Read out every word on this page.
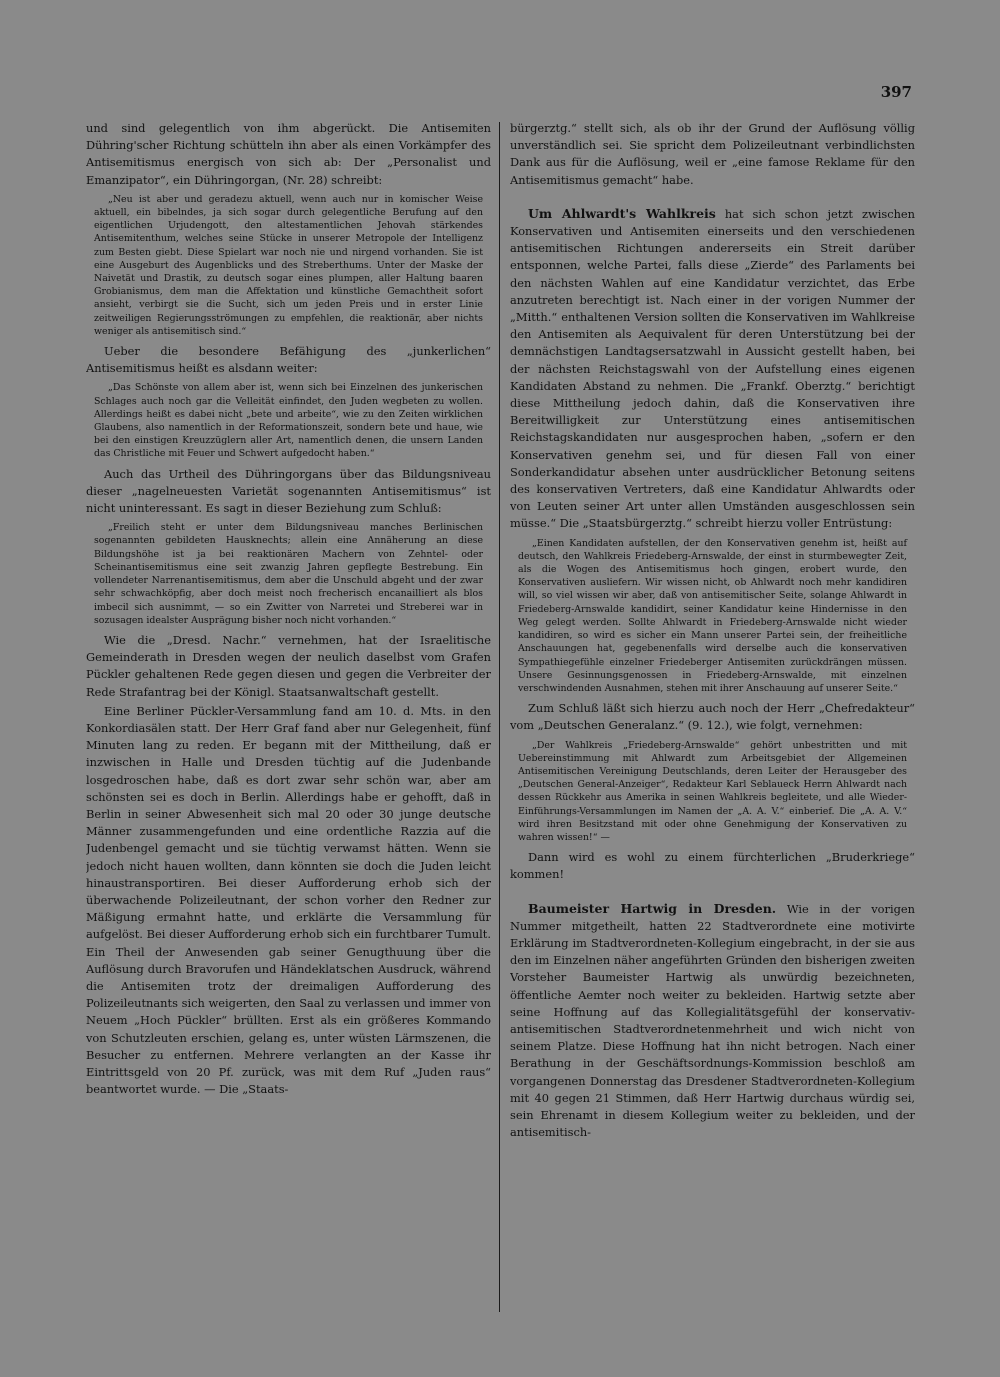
397

und sind gelegentlich von ihm abgerückt. Die Antisemiten Dühring'scher Richtung schütteln ihn aber als einen Vorkämpfer des Antisemitismus energisch von sich ab: Der „Personalist und Emanzipator“, ein Dühringorgan, (Nr. 28) schreibt:

„Neu ist aber und geradezu aktuell, wenn auch nur in komischer Weise aktuell, ein bibelndes, ja sich sogar durch gelegentliche Berufung auf den eigentlichen Urjudengott, den altestamentlichen Jehovah stärkendes Antisemitenthum, welches seine Stücke in unserer Metropole der Intelligenz zum Besten giebt. Diese Spielart war noch nie und nirgend vorhanden. Sie ist eine Ausgeburt des Augenblicks und des Streberthums. Unter der Maske der Naivetät und Drastik, zu deutsch sogar eines plumpen, aller Haltung baaren Grobianismus, dem man die Affektation und künstliche Gemachtheit sofort ansieht, verbirgt sie die Sucht, sich um jeden Preis und in erster Linie zeitweiligen Regierungsströmungen zu empfehlen, die reaktionär, aber nichts weniger als antisemitisch sind.“

Ueber die besondere Befähigung des „junkerlichen“ Antisemitismus heißt es alsdann weiter:

„Das Schönste von allem aber ist, wenn sich bei Einzelnen des junkerischen Schlages auch noch gar die Velleität einfindet, den Juden wegbeten zu wollen. Allerdings heißt es dabei nicht „bete und arbeite“, wie zu den Zeiten wirklichen Glaubens, also namentlich in der Reformationszeit, sondern bete und haue, wie bei den einstigen Kreuzzüglern aller Art, namentlich denen, die unsern Landen das Christliche mit Feuer und Schwert aufgedocht haben.“

Auch das Urtheil des Dühringorgans über das Bildungsniveau dieser „nagelneuesten Varietät sogenannten Antisemitismus“ ist nicht uninteressant. Es sagt in dieser Beziehung zum Schluß:

„Freilich steht er unter dem Bildungsniveau manches Berlinischen sogenannten gebildeten Hausknechts; allein eine Annäherung an diese Bildungshöhe ist ja bei reaktionären Machern von Zehntel- oder Scheinantisemitismus eine seit zwanzig Jahren gepflegte Bestrebung. Ein vollendeter Narrenantisemitismus, dem aber die Unschuld abgeht und der zwar sehr schwachköpfig, aber doch meist noch frecherisch encanailliert als blos imbecil sich ausnimmt, — so ein Zwitter von Narretei und Streberei war in sozusagen idealster Ausprägung bisher noch nicht vorhanden.“

Wie die „Dresd. Nachr.“ vernehmen, hat der Israelitische Gemeinderath in Dresden wegen der neulich daselbst vom Grafen Pückler gehaltenen Rede gegen diesen und gegen die Verbreiter der Rede Strafantrag bei der Königl. Staatsanwaltschaft gestellt.

Eine Berliner Pückler-Versammlung fand am 10. d. Mts. in den Konkordiasälen statt. Der Herr Graf fand aber nur Gelegenheit, fünf Minuten lang zu reden. Er begann mit der Mittheilung, daß er inzwischen in Halle und Dresden tüchtig auf die Judenbande losgedroschen habe, daß es dort zwar sehr schön war, aber am schönsten sei es doch in Berlin. Allerdings habe er gehofft, daß in Berlin in seiner Abwesenheit sich mal 20 oder 30 junge deutsche Männer zusammengefunden und eine ordentliche Razzia auf die Judenbengel gemacht und sie tüchtig verwamst hätten. Wenn sie jedoch nicht hauen wollten, dann könnten sie doch die Juden leicht hinaustransportiren. Bei dieser Aufforderung erhob sich der überwachende Polizeileutnant, der schon vorher den Redner zur Mäßigung ermahnt hatte, und erklärte die Versammlung für aufgelöst. Bei dieser Aufforderung erhob sich ein furchtbarer Tumult. Ein Theil der Anwesenden gab seiner Genugthuung über die Auflösung durch Bravorufen und Händeklatschen Ausdruck, während die Antisemiten trotz der dreimaligen Aufforderung des Polizeileutnants sich weigerten, den Saal zu verlassen und immer von Neuem „Hoch Pückler“ brüllten. Erst als ein größeres Kommando von Schutzleuten erschien, gelang es, unter wüsten Lärmszenen, die Besucher zu entfernen. Mehrere verlangten an der Kasse ihr Eintrittsgeld von 20 Pf. zurück, was mit dem Ruf „Juden raus“ beantwortet wurde. — Die „Staats-

bürgerztg.“ stellt sich, als ob ihr der Grund der Auflösung völlig unverständlich sei. Sie spricht dem Polizeileutnant verbindlichsten Dank aus für die Auflösung, weil er „eine famose Reklame für den Antisemitismus gemacht“ habe.

Um Ahlwardt's Wahlkreis hat sich schon jetzt zwischen Konservativen und Antisemiten einerseits und den verschiedenen antisemitischen Richtungen andererseits ein Streit darüber entsponnen, welche Partei, falls diese „Zierde“ des Parlaments bei den nächsten Wahlen auf eine Kandidatur verzichtet, das Erbe anzutreten berechtigt ist. Nach einer in der vorigen Nummer der „Mitth.“ enthaltenen Version sollten die Konservativen im Wahlkreise den Antisemiten als Aequivalent für deren Unterstützung bei der demnächstigen Landtagsersatzwahl in Aussicht gestellt haben, bei der nächsten Reichstagswahl von der Aufstellung eines eigenen Kandidaten Abstand zu nehmen. Die „Frankf. Oberztg.“ berichtigt diese Mittheilung jedoch dahin, daß die Konservativen ihre Bereitwilligkeit zur Unterstützung eines antisemitischen Reichstagskandidaten nur ausgesprochen haben, „sofern er den Konservativen genehm sei, und für diesen Fall von einer Sonderkandidatur absehen unter ausdrücklicher Betonung seitens des konservativen Vertreters, daß eine Kandidatur Ahlwardts oder von Leuten seiner Art unter allen Umständen ausgeschlossen sein müsse.“ Die „Staatsbürgerztg.“ schreibt hierzu voller Entrüstung:

„Einen Kandidaten aufstellen, der den Konservativen genehm ist, heißt auf deutsch, den Wahlkreis Friedeberg-Arnswalde, der einst in sturmbewegter Zeit, als die Wogen des Antisemitismus hoch gingen, erobert wurde, den Konservativen ausliefern. Wir wissen nicht, ob Ahlwardt noch mehr kandidiren will, so viel wissen wir aber, daß von antisemitischer Seite, solange Ahlwardt in Friedeberg-Arnswalde kandidirt, seiner Kandidatur keine Hindernisse in den Weg gelegt werden. Sollte Ahlwardt in Friedeberg-Arnswalde nicht wieder kandidiren, so wird es sicher ein Mann unserer Partei sein, der freiheitliche Anschauungen hat, gegebenenfalls wird derselbe auch die konservativen Sympathiegefühle einzelner Friedeberger Antisemiten zurückdrängen müssen. Unsere Gesinnungsgenossen in Friedeberg-Arnswalde, mit einzelnen verschwindenden Ausnahmen, stehen mit ihrer Anschauung auf unserer Seite.“

Zum Schluß läßt sich hierzu auch noch der Herr „Chefredakteur“ vom „Deutschen Generalanz.“ (9. 12.), wie folgt, vernehmen:

„Der Wahlkreis „Friedeberg-Arnswalde“ gehört unbestritten und mit Uebereinstimmung mit Ahlwardt zum Arbeitsgebiet der Allgemeinen Antisemitischen Vereinigung Deutschlands, deren Leiter der Herausgeber des „Deutschen General-Anzeiger“, Redakteur Karl Seblaueck Herrn Ahlwardt nach dessen Rückkehr aus Amerika in seinen Wahlkreis begleitete, und alle Wieder-Einführungs-Versammlungen im Namen der „A. A. V.“ einberief. Die „A. A. V.“ wird ihren Besitzstand mit oder ohne Genehmigung der Konservativen zu wahren wissen!“ —

Dann wird es wohl zu einem fürchterlichen „Bruderkriege“ kommen!

Baumeister Hartwig in Dresden. Wie in der vorigen Nummer mitgetheilt, hatten 22 Stadtverordnete eine motivirte Erklärung im Stadtverordneten-Kollegium eingebracht, in der sie aus den im Einzelnen näher angeführten Gründen den bisherigen zweiten Vorsteher Baumeister Hartwig als unwürdig bezeichneten, öffentliche Aemter noch weiter zu bekleiden. Hartwig setzte aber seine Hoffnung auf das Kollegialitätsgefühl der konservativ-antisemitischen Stadtverordnetenmehrheit und wich nicht von seinem Platze. Diese Hoffnung hat ihn nicht betrogen. Nach einer Berathung in der Geschäftsordnungs-Kommission beschloß am vorgangenen Donnerstag das Dresdener Stadtverordneten-Kollegium mit 40 gegen 21 Stimmen, daß Herr Hartwig durchaus würdig sei, sein Ehrenamt in diesem Kollegium weiter zu bekleiden, und der antisemitisch-
